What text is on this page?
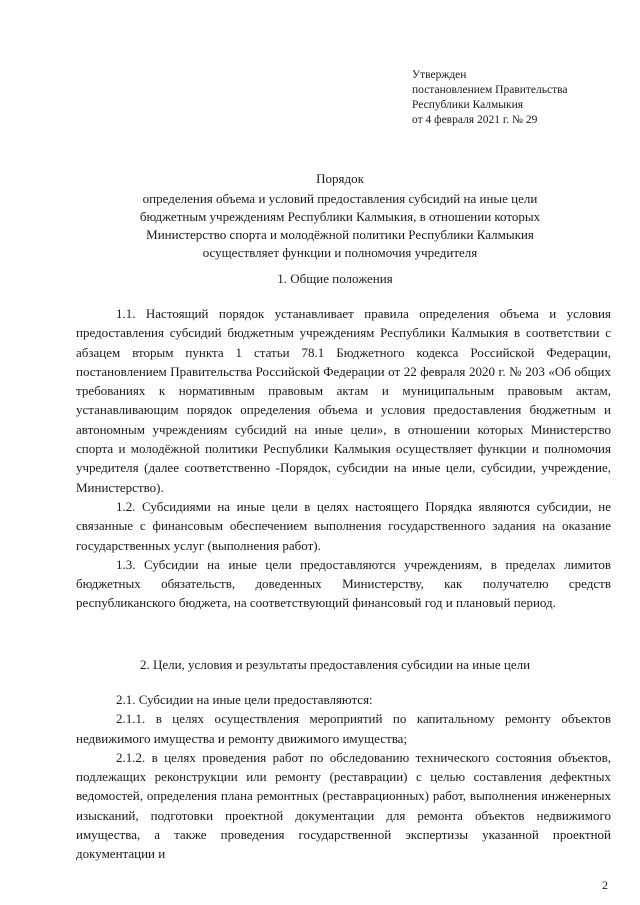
Утвержден
постановлением Правительства
Республики Калмыкия
от 4 февраля 2021 г. № 29
Порядок
определения объема и условий предоставления субсидий на иные цели
бюджетным учреждениям Республики Калмыкия, в отношении которых
Министерство спорта и молодёжной политики Республики Калмыкия
осуществляет функции и полномочия учредителя
1. Общие положения

1.1. Настоящий порядок устанавливает правила определения объема и условия предоставления субсидий бюджетным учреждениям Республики Калмыкия в соответствии с абзацем вторым пункта 1 статьи 78.1 Бюджетного кодекса Российской Федерации, постановлением Правительства Российской Федерации от 22 февраля 2020 г. № 203 «Об общих требованиях к нормативным правовым актам и муниципальным правовым актам, устанавливающим порядок определения объема и условия предоставления бюджетным и автономным учреждениям субсидий на иные цели», в отношении которых Министерство спорта и молодёжной политики Республики Калмыкия осуществляет функции и полномочия учредителя (далее соответственно -Порядок, субсидии на иные цели, субсидии, учреждение, Министерство).

1.2. Субсидиями на иные цели в целях настоящего Порядка являются субсидии, не связанные с финансовым обеспечением выполнения государственного задания на оказание государственных услуг (выполнения работ).

1.3. Субсидии на иные цели предоставляются учреждениям, в пределах лимитов бюджетных обязательств, доведенных Министерству, как получателю средств республиканского бюджета, на соответствующий финансовый год и плановый период.

2. Цели, условия и результаты предоставления субсидии на иные цели

2.1. Субсидии на иные цели предоставляются:

2.1.1. в целях осуществления мероприятий по капитальному ремонту объектов недвижимого имущества и ремонту движимого имущества;

2.1.2. в целях проведения работ по обследованию технического состояния объектов, подлежащих реконструкции или ремонту (реставрации) с целью составления дефектных ведомостей, определения плана ремонтных (реставрационных) работ, выполнения инженерных изысканий, подготовки проектной документации для ремонта объектов недвижимого имущества, а также проведения государственной экспертизы указанной проектной документации и

2
